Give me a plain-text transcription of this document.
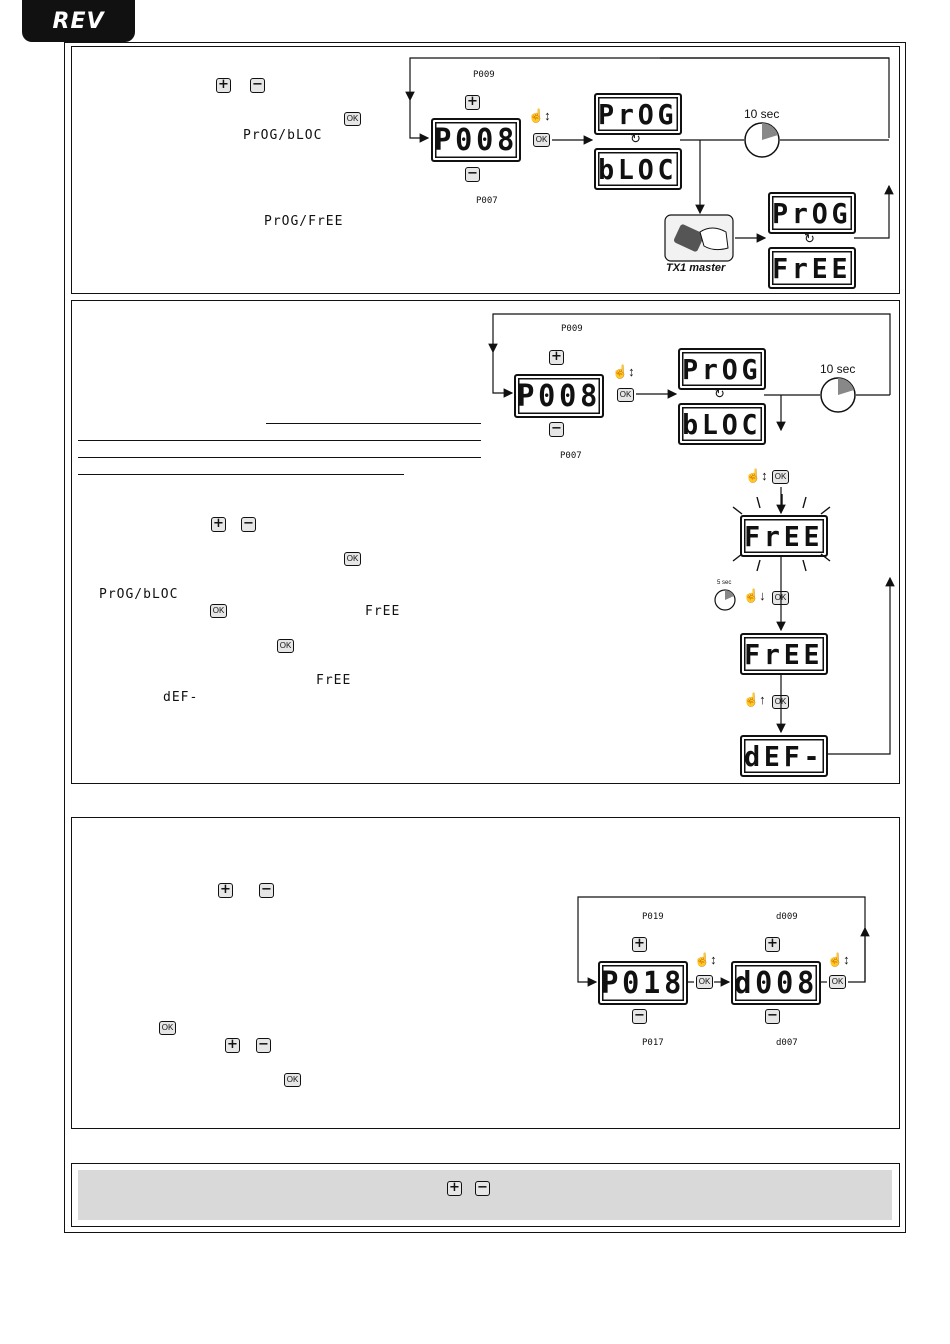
REV
+ −
OK
PrOG/bLOC
PrOG/FrEE
P009
+
P008
−
P007
☝↕
OK
PrOG
↻
bLOC
10 sec
TX1 master
PrOG
↻
FrEE
+ −
OK
PrOG/bLOC
OK	FrEE
OK
FrEE
dEF-
P009
+
P008
−
P007
☝↕
OK
PrOG
↻
bLOC
10 sec
☝↕ OK
FrEE
5 sec
☝↓	OK
FrEE
☝↑	OK
dEF-
+ −
OK
+ −
OK
P019
+
P018
−
P017
☝↕
OK
d009
+
d008
−
d007
☝↕
OK
+ −
